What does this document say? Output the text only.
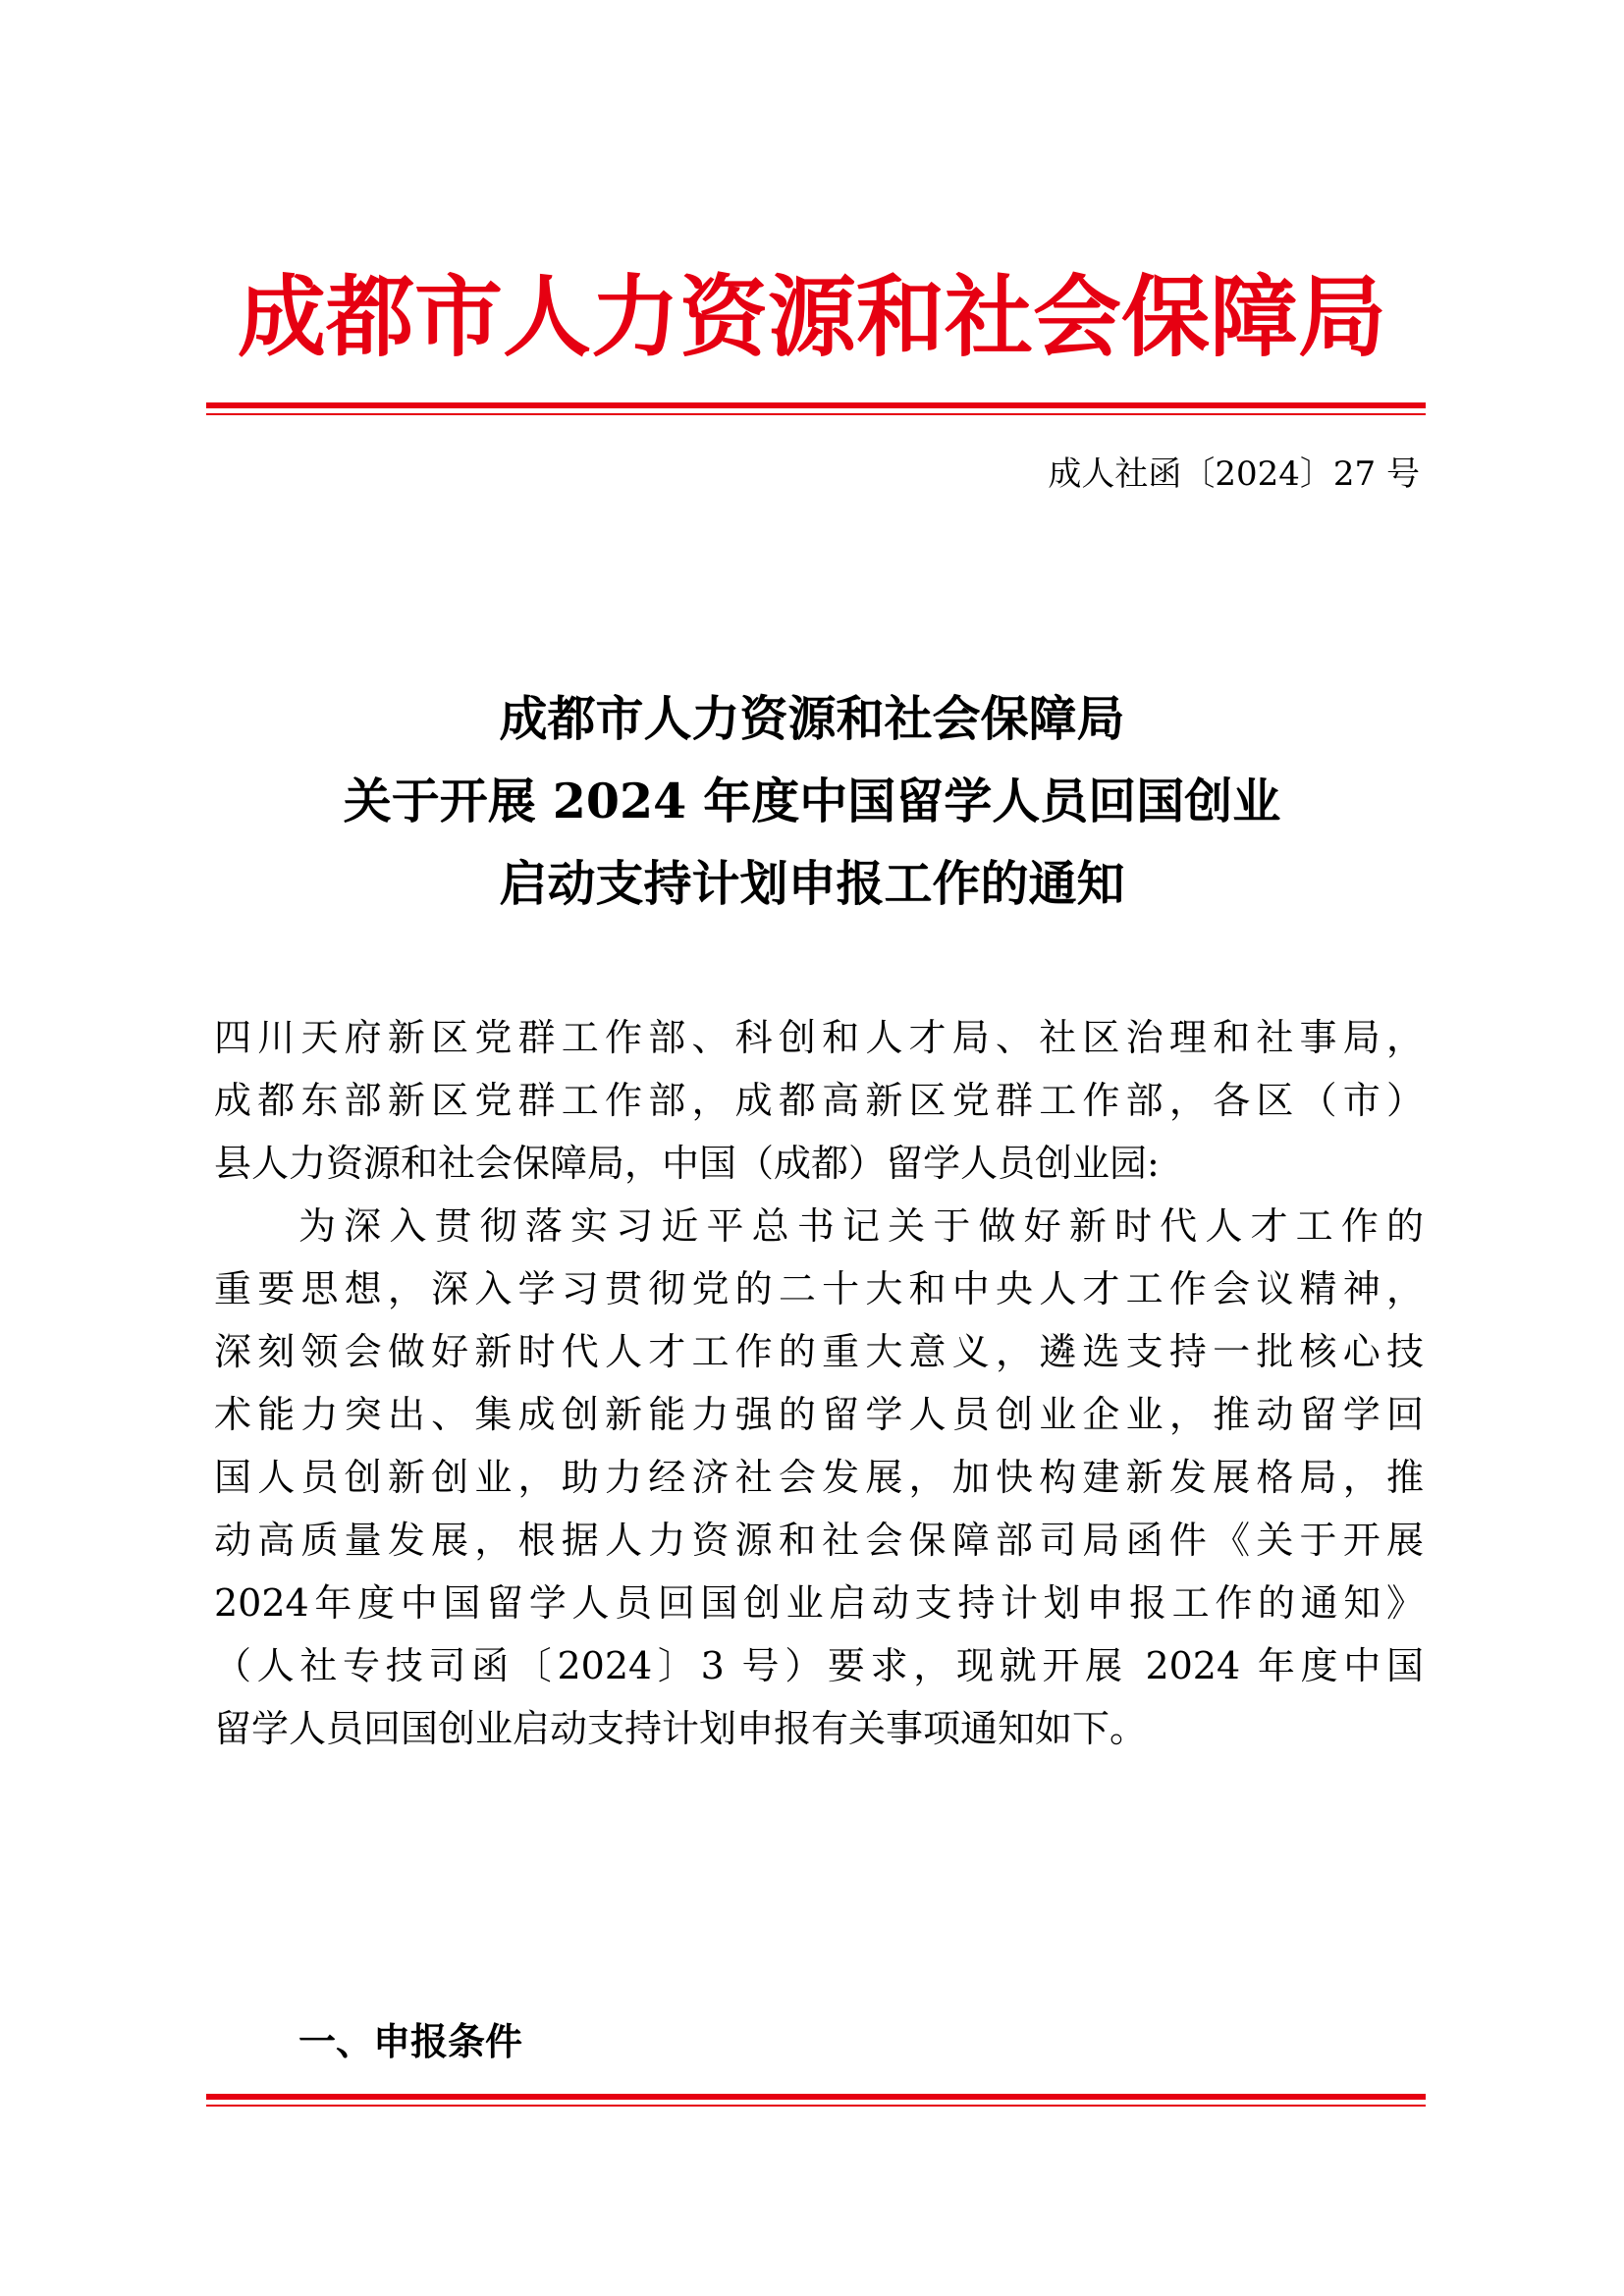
成都市人力资源和社会保障局
成人社函〔2024〕27 号
成都市人力资源和社会保障局
关于开展 2024 年度中国留学人员回国创业
启动支持计划申报工作的通知
四川天府新区党群工作部、科创和人才局、社区治理和社事局，
成都东部新区党群工作部，成都高新区党群工作部，各区（市）
县人力资源和社会保障局，中国（成都）留学人员创业园:
为深入贯彻落实习近平总书记关于做好新时代人才工作的
重要思想，深入学习贯彻党的二十大和中央人才工作会议精神，
深刻领会做好新时代人才工作的重大意义，遴选支持一批核心技
术能力突出、集成创新能力强的留学人员创业企业，推动留学回
国人员创新创业，助力经济社会发展，加快构建新发展格局，推
动高质量发展，根据人力资源和社会保障部司局函件《关于开展
2024年度中国留学人员回国创业启动支持计划申报工作的通知》
（人社专技司函〔2024〕3 号）要求，现就开展 2024 年度中国
留学人员回国创业启动支持计划申报有关事项通知如下。
一、申报条件
